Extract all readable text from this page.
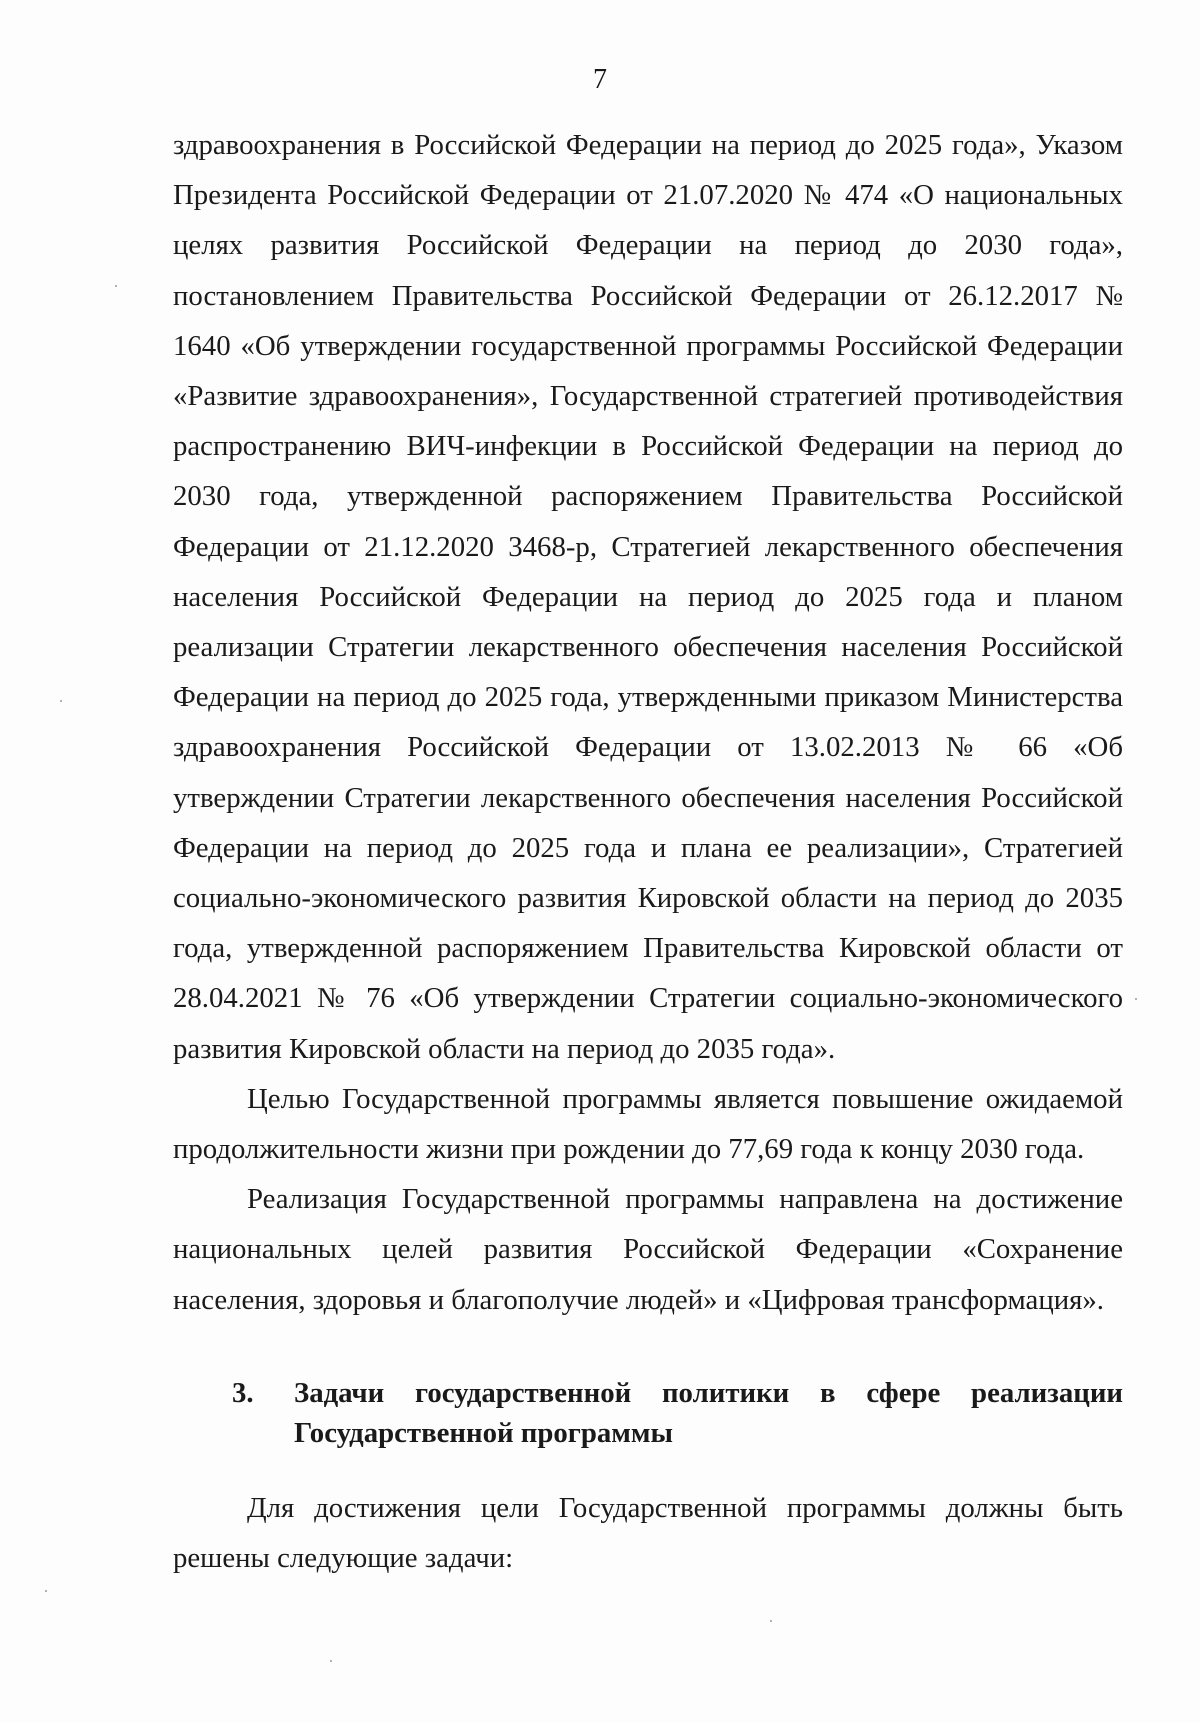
7

здравоохранения в Российской Федерации на период до 2025 года», Указом Президента Российской Федерации от 21.07.2020 № 474 «О национальных целях развития Российской Федерации на период до 2030 года», постановлением Правительства Российской Федерации от 26.12.2017 № 1640 «Об утверждении государственной программы Российской Федерации «Развитие здравоохранения», Государственной стратегией противодействия распространению ВИЧ-инфекции в Российской Федерации на период до 2030 года, утвержденной распоряжением Правительства Российской Федерации от 21.12.2020 3468-р, Стратегией лекарственного обеспечения населения Российской Федерации на период до 2025 года и планом реализации Стратегии лекарственного обеспечения населения Российской Федерации на период до 2025 года, утвержденными приказом Министерства здравоохранения Российской Федерации от 13.02.2013 № 66 «Об утверждении Стратегии лекарственного обеспечения населения Российской Федерации на период до 2025 года и плана ее реализации», Стратегией социально-экономического развития Кировской области на период до 2035 года, утвержденной распоряжением Правительства Кировской области от 28.04.2021 № 76 «Об утверждении Стратегии социально-экономического развития Кировской области на период до 2035 года».

Целью Государственной программы является повышение ожидаемой продолжительности жизни при рождении до 77,69 года к концу 2030 года.

Реализация Государственной программы направлена на достижение национальных целей развития Российской Федерации «Сохранение населения, здоровья и благополучие людей» и «Цифровая трансформация».

3.	Задачи государственной политики в сфере реализации Государственной программы

Для достижения цели Государственной программы должны быть решены следующие задачи:
